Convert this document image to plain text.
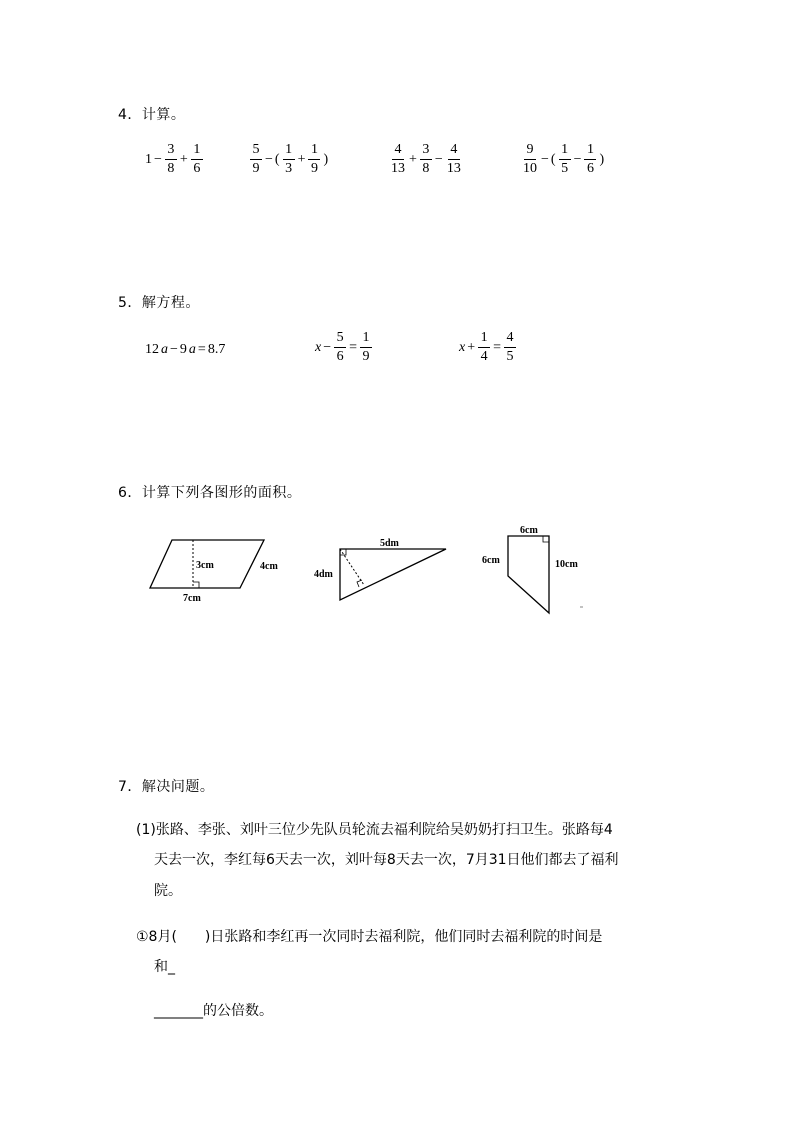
4．计算。
$1 - \frac{3}{8} + \frac{1}{6}$	$\frac{5}{9}$ − ( $\frac{1}{3} + \frac{1}{9}$ )	$\frac{4}{13} + \frac{3}{8} - \frac{4}{13}$	$\frac{9}{10}$ − ( $\frac{1}{5} - \frac{1}{6}$ )
5．解方程。
12 a − 9 a = 8.7	$x - \frac{5}{6} = \frac{1}{9}$	$x + \frac{1}{4} = \frac{4}{5}$
6．计算下列各图形的面积。
3cm	4cm
7cm
5dm
4dm
6cm
6cm	10cm
7．解决问题。
(1)张路、李张、刘叶三位少先队员轮流去福利院给吴奶奶打扫卫生。张路每4
天去一次，李红每6天去一次，刘叶每8天去一次，7月31日他们都去了福利
院。
①8月(　　)日张路和李红再一次同时去福利院，他们同时去福利院的时间是
和_
_______的公倍数。
